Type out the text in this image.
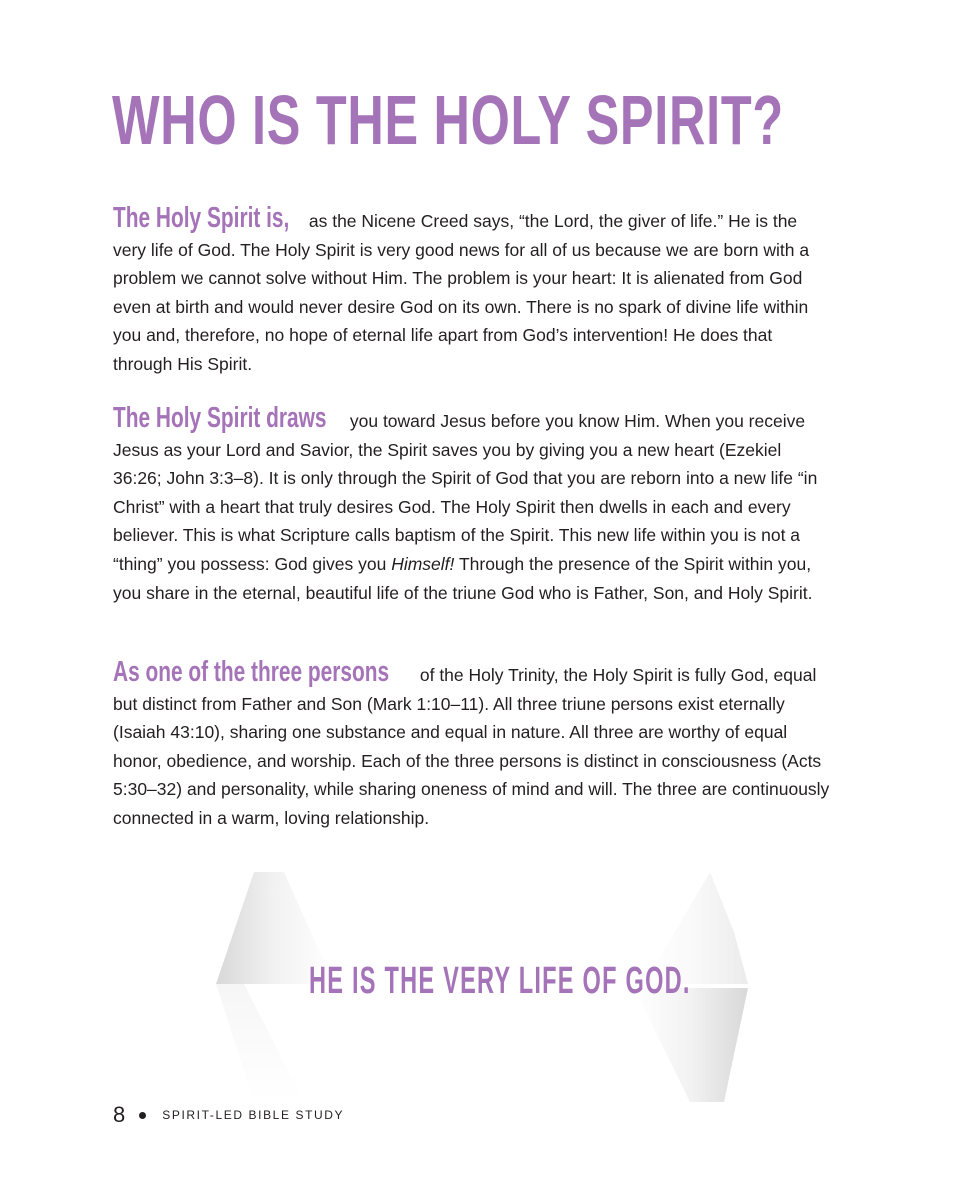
WHO IS THE HOLY SPIRIT?

The Holy Spirit is, as the Nicene Creed says, “the Lord, the giver of life.” He is the very life of God. The Holy Spirit is very good news for all of us because we are born with a problem we cannot solve without Him. The problem is your heart: It is alienated from God even at birth and would never desire God on its own. There is no spark of divine life within you and, therefore, no hope of eternal life apart from God’s intervention! He does that through His Spirit.

The Holy Spirit draws you toward Jesus before you know Him. When you receive Jesus as your Lord and Savior, the Spirit saves you by giving you a new heart (Ezekiel 36:26; John 3:3–8). It is only through the Spirit of God that you are reborn into a new life “in Christ” with a heart that truly desires God. The Holy Spirit then dwells in each and every believer. This is what Scripture calls baptism of the Spirit. This new life within you is not a “thing” you possess: God gives you Himself! Through the presence of the Spirit within you, you share in the eternal, beautiful life of the triune God who is Father, Son, and Holy Spirit.

As one of the three persons of the Holy Trinity, the Holy Spirit is fully God, equal but distinct from Father and Son (Mark 1:10–11). All three triune persons exist eternally (Isaiah 43:10), sharing one substance and equal in nature. All three are worthy of equal honor, obedience, and worship. Each of the three persons is distinct in consciousness (Acts 5:30–32) and personality, while sharing oneness of mind and will. The three are continuously connected in a warm, loving relationship.

HE IS THE VERY LIFE OF GOD.

8	SPIRIT-LED BIBLE STUDY
